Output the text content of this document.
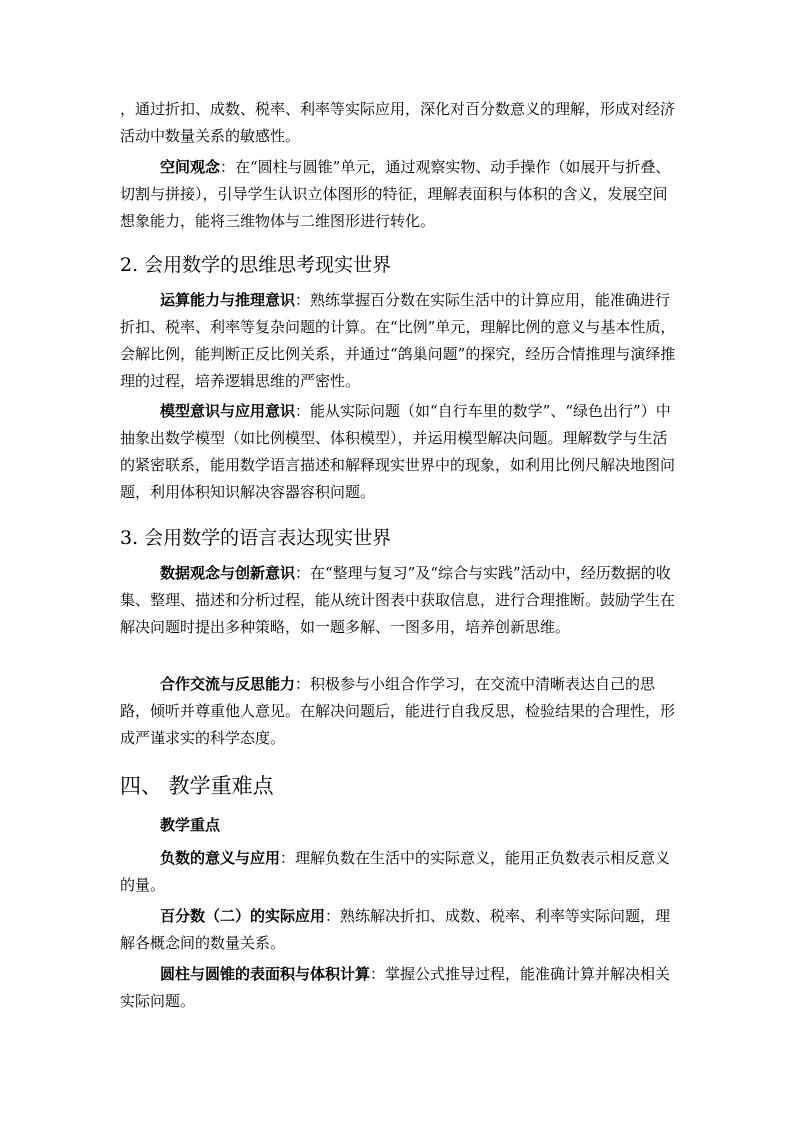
，通过折扣、成数、税率、利率等实际应用，深化对百分数意义的理解，形成对经济活动中数量关系的敏感性。

空间观念：在“圆柱与圆锥”单元，通过观察实物、动手操作（如展开与折叠、切割与拼接），引导学生认识立体图形的特征，理解表面积与体积的含义，发展空间想象能力，能将三维物体与二维图形进行转化。

2. 会用数学的思维思考现实世界

运算能力与推理意识：熟练掌握百分数在实际生活中的计算应用，能准确进行折扣、税率、利率等复杂问题的计算。在“比例”单元，理解比例的意义与基本性质，会解比例，能判断正反比例关系，并通过“鸽巢问题”的探究，经历合情推理与演绎推理的过程，培养逻辑思维的严密性。

模型意识与应用意识：能从实际问题（如“自行车里的数学”、“绿色出行”）中抽象出数学模型（如比例模型、体积模型），并运用模型解决问题。理解数学与生活的紧密联系，能用数学语言描述和解释现实世界中的现象，如利用比例尺解决地图问题，利用体积知识解决容器容积问题。

3. 会用数学的语言表达现实世界

数据观念与创新意识：在“整理与复习”及“综合与实践”活动中，经历数据的收集、整理、描述和分析过程，能从统计图表中获取信息，进行合理推断。鼓励学生在解决问题时提出多种策略，如一题多解、一图多用，培养创新思维。

合作交流与反思能力：积极参与小组合作学习，在交流中清晰表达自己的思路，倾听并尊重他人意见。在解决问题后，能进行自我反思，检验结果的合理性，形成严谨求实的科学态度。

四、 教学重难点

教学重点

负数的意义与应用：理解负数在生活中的实际意义，能用正负数表示相反意义的量。

百分数（二）的实际应用：熟练解决折扣、成数、税率、利率等实际问题，理解各概念间的数量关系。

圆柱与圆锥的表面积与体积计算：掌握公式推导过程，能准确计算并解决相关实际问题。
